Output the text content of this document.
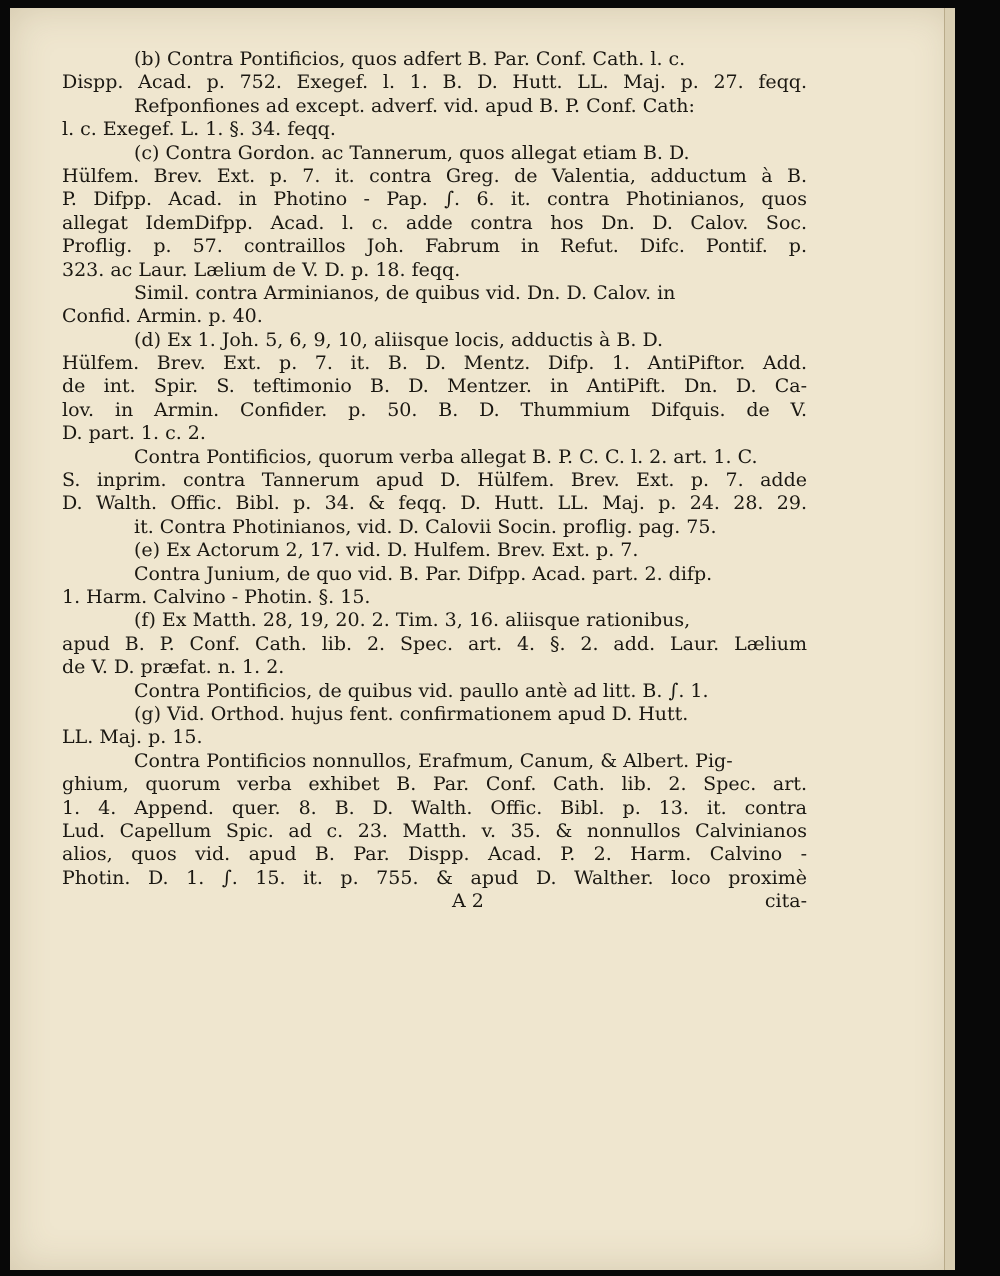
(b) Contra Pontificios, quos adfert B. Par. Conf. Cath. l. c.
Dispp. Acad. p. 752. Exegef. l. 1. B. D. Hutt. LL. Maj. p. 27. feqq.
Refponfiones ad except. adverf. vid. apud B. P. Conf. Cath:
l. c. Exegef. L. 1. §. 34. feqq.
(c) Contra Gordon. ac Tannerum, quos allegat etiam B. D.
Hülfem. Brev. Ext. p. 7. it. contra Greg. de Valentia, adductum à B.
P. Difpp. Acad. in Photino - Pap. ∫. 6. it. contra Photinianos, quos
allegat IdemDifpp. Acad. l. c. adde contra hos Dn. D. Calov. Soc.
Proflig. p. 57. contraillos Joh. Fabrum in Refut. Difc. Pontif. p.
323. ac Laur. Lælium de V. D. p. 18. feqq.
Simil. contra Arminianos, de quibus vid. Dn. D. Calov. in
Confid. Armin. p. 40.
(d) Ex 1. Joh. 5, 6, 9, 10, aliisque locis, adductis à B. D.
Hülfem. Brev. Ext. p. 7. it. B. D. Mentz. Difp. 1. AntiPiftor. Add.
de int. Spir. S. teftimonio B. D. Mentzer. in AntiPift. Dn. D. Ca-
lov. in Armin. Confider. p. 50. B. D. Thummium Difquis. de V.
D. part. 1. c. 2.
Contra Pontificios, quorum verba allegat B. P. C. C. l. 2. art. 1. C.
S. inprim. contra Tannerum apud D. Hülfem. Brev. Ext. p. 7. adde
D. Walth. Offic. Bibl. p. 34. & feqq. D. Hutt. LL. Maj. p. 24. 28. 29.
it. Contra Photinianos, vid. D. Calovii Socin. proflig. pag. 75.
(e) Ex Actorum 2, 17. vid. D. Hulfem. Brev. Ext. p. 7.
Contra Junium, de quo vid. B. Par. Difpp. Acad. part. 2. difp.
1. Harm. Calvino - Photin. §. 15.
(f) Ex Matth. 28, 19, 20. 2. Tim. 3, 16. aliisque rationibus,
apud B. P. Conf. Cath. lib. 2. Spec. art. 4. §. 2. add. Laur. Lælium
de V. D. præfat. n. 1. 2.
Contra Pontificios, de quibus vid. paullo antè ad litt. B. ∫. 1.
(g) Vid. Orthod. hujus fent. confirmationem apud D. Hutt.
LL. Maj. p. 15.
Contra Pontificios nonnullos, Erafmum, Canum, & Albert. Pig-
ghium, quorum verba exhibet B. Par. Conf. Cath. lib. 2. Spec. art.
1. 4. Append. quer. 8. B. D. Walth. Offic. Bibl. p. 13. it. contra
Lud. Capellum Spic. ad c. 23. Matth. v. 35. & nonnullos Calvinianos
alios, quos vid. apud B. Par. Dispp. Acad. P. 2. Harm. Calvino -
Photin. D. 1. ∫. 15. it. p. 755. & apud D. Walther. loco proximè
A 2	cita-
